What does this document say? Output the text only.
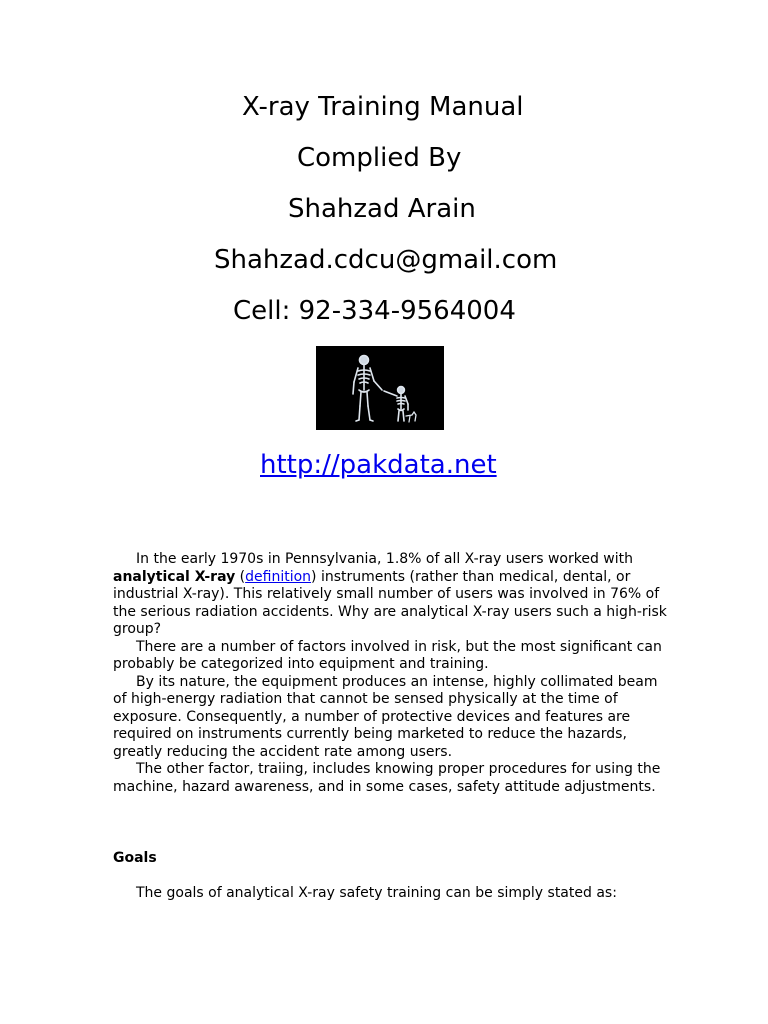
X-ray Training Manual
Complied By
Shahzad Arain
Shahzad.cdcu@gmail.com
Cell: 92-334-9564004
http://pakdata.net

In the early 1970s in Pennsylvania, 1.8% of all X-ray users worked with analytical X-ray (definition) instruments (rather than medical, dental, or industrial X-ray). This relatively small number of users was involved in 76% of the serious radiation accidents. Why are analytical X-ray users such a high-risk group?

There are a number of factors involved in risk, but the most significant can probably be categorized into equipment and training.

By its nature, the equipment produces an intense, highly collimated beam of high-energy radiation that cannot be sensed physically at the time of exposure. Consequently, a number of protective devices and features are required on instruments currently being marketed to reduce the hazards, greatly reducing the accident rate among users.

The other factor, traiing, includes knowing proper procedures for using the machine, hazard awareness, and in some cases, safety attitude adjustments.

Goals
The goals of analytical X-ray safety training can be simply stated as:
